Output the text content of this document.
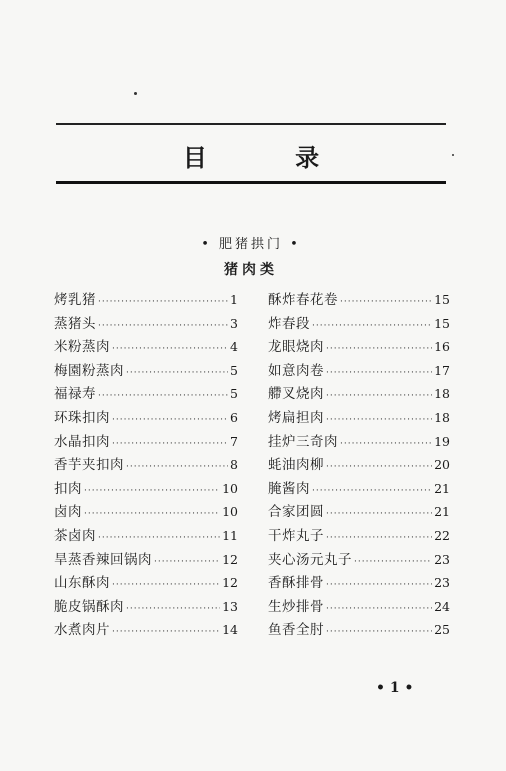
目 录
• 肥猪拱门 •
猪肉类
烤乳猪 ·····	1
蒸猪头 ·····	3
米粉蒸肉 ·····	4
梅園粉蒸肉 ·····	5
福禄寿 ·····	5
环珠扣肉 ·····	6
水晶扣肉 ·····	7
香芋夹扣肉 ·····	8
扣肉 ·····	10
卤肉 ·····	10
茶卤肉 ·····	11
旱蒸香辣回锅肉 ·····	12
山东酥肉 ·····	12
脆皮锅酥肉 ·····	13
水煮肉片 ·····	14
酥炸春花卷 ·····	15
炸春段 ·····	15
龙眼烧肉 ·····	16
如意肉卷 ·····	17
艜叉烧肉 ·····	18
烤扁担肉 ·····	18
挂炉三奇肉 ·····	19
蚝油肉柳 ·····	20
腌酱肉 ·····	21
合家团圆 ·····	21
干炸丸子 ·····	22
夹心汤元丸子 ·····	23
香酥排骨 ·····	23
生炒排骨 ·····	24
鱼香全肘 ·····	25
• 1 •
